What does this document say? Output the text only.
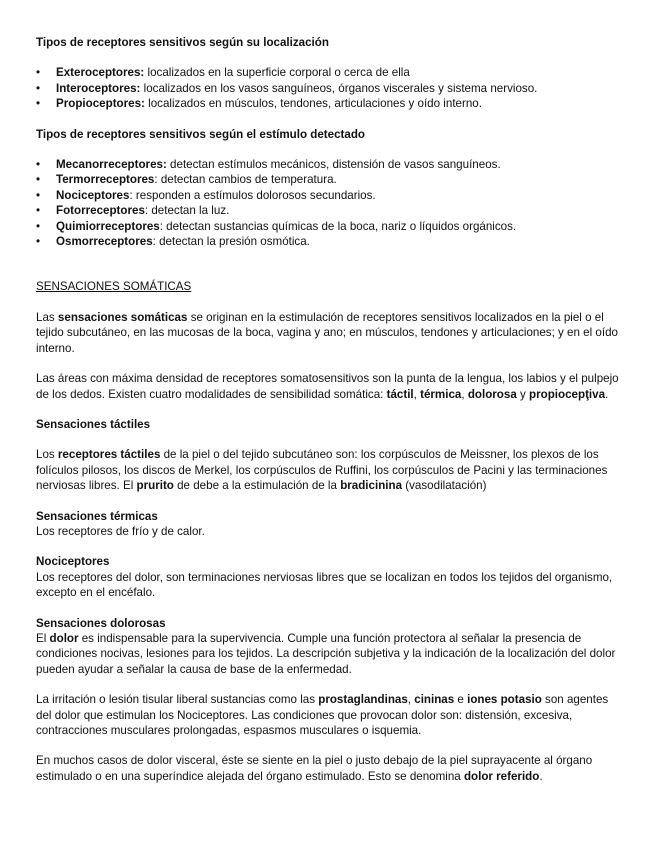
Tipos de receptores sensitivos según su localización

• Exteroceptores: localizados en la superficie corporal o cerca de ella
• Interoceptores: localizados en los vasos sanguíneos, órganos viscerales y sistema nervioso.
• Propioceptores: localizados en músculos, tendones, articulaciones y oído interno.

Tipos de receptores sensitivos según el estímulo detectado

• Mecanorreceptores: detectan estímulos mecánicos, distensión de vasos sanguíneos.
• Termorreceptores: detectan cambios de temperatura.
• Nociceptores: responden a estímulos dolorosos secundarios.
• Fotorreceptores: detectan la luz.
• Quimiorreceptores: detectan sustancias químicas de la boca, nariz o líquidos orgánicos.
• Osmorreceptores: detectan la presión osmótica.

SENSACIONES SOMÁTICAS

Las sensaciones somáticas se originan en la estimulación de receptores sensitivos localizados en la piel o el tejido subcutáneo, en las mucosas de la boca, vagina y ano; en músculos, tendones y articulaciones; y en el oído interno.

Las áreas con máxima densidad de receptores somatosensitivos son la punta de la lengua, los labios y el pulpejo de los dedos. Existen cuatro modalidades de sensibilidad somática: táctil, térmica, dolorosa y propiocepţiva.

Sensaciones táctiles

Los receptores táctiles de la piel o del tejido subcutáneo son: los corpúsculos de Meissner, los plexos de los folículos pilosos, los discos de Merkel, los corpúsculos de Ruffini, los corpúsculos de Pacini y las terminaciones nerviosas libres. El prurito de debe a la estimulación de la bradicinina (vasodilatación)

Sensaciones térmicas

Los receptores de frío y de calor.

Nociceptores

Los receptores del dolor, son terminaciones nerviosas libres que se localizan en todos los tejidos del organismo, excepto en el encéfalo.

Sensaciones dolorosas

El dolor es indispensable para la supervivencia. Cumple una función protectora al señalar la presencia de condiciones nocivas, lesiones para los tejidos. La descripción subjetiva y la indicación de la localización del dolor pueden ayudar a señalar la causa de base de la enfermedad.

La irritación o lesión tisular liberal sustancias como las prostaglandinas, cininas e iones potasio son agentes del dolor que estimulan los Nociceptores. Las condiciones que provocan dolor son: distensión, excesiva, contracciones musculares prolongadas, espasmos musculares o isquemia.

En muchos casos de dolor visceral, éste se siente en la piel o justo debajo de la piel suprayacente al órgano estimulado o en una superíndice alejada del órgano estimulado. Esto se denomina dolor referido.
